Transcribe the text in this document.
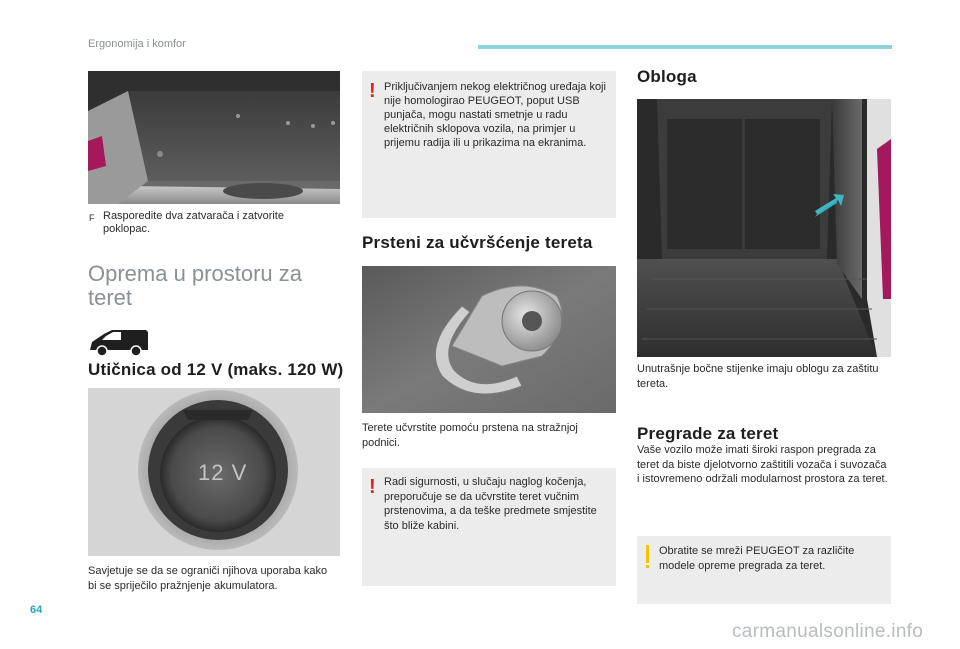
Ergonomija i komfor
F Rasporedite dva zatvarača i zatvorite poklopac.
Oprema u prostoru za teret
Utičnica od 12 V (maks. 120 W)
12 V
Savjetuje se da se ograniči njihova uporaba kako bi se spriječilo pražnjenje akumulatora.
! Priključivanjem nekog električnog uređaja koji nije homologirao PEUGEOT, poput USB punjača, mogu nastati smetnje u radu električnih sklopova vozila, na primjer u prijemu radija ili u prikazima na ekranima.
Prsteni za učvršćenje tereta
Terete učvrstite pomoću prstena na stražnjoj podnici.
! Radi sigurnosti, u slučaju naglog kočenja, preporučuje se da učvrstite teret vučnim prstenovima, a da teške predmete smjestite što bliže kabini.
Obloga
Unutrašnje bočne stijenke imaju oblogu za zaštitu tereta.
Pregrade za teret
Vaše vozilo može imati široki raspon pregrada za teret da biste djelotvorno zaštitili vozača i suvozača i istovremeno održali modularnost prostora za teret.
Obratite se mreži PEUGEOT za različite modele opreme pregrada za teret.
64
carmanualsonline.info
